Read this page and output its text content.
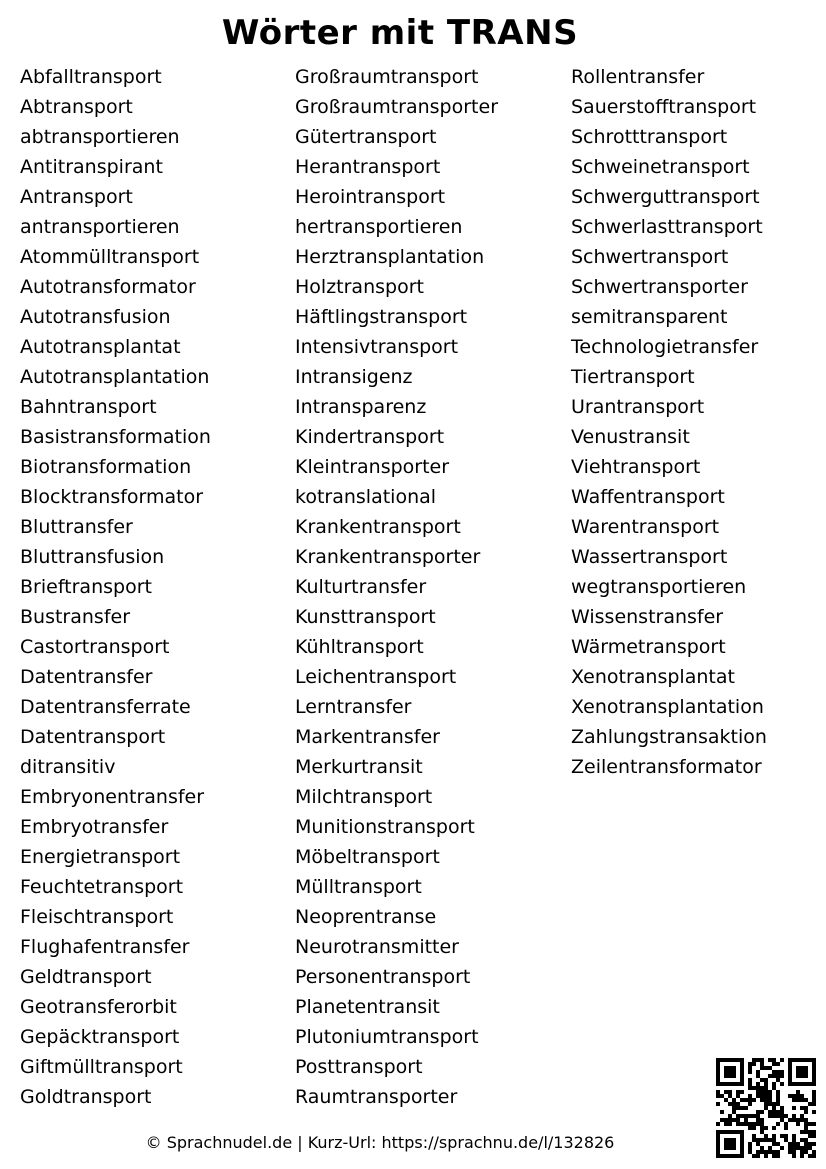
Wörter mit TRANS
Abfalltransport
Abtransport
abtransportieren
Antitranspirant
Antransport
antransportieren
Atommülltransport
Autotransformator
Autotransfusion
Autotransplantat
Autotransplantation
Bahntransport
Basistransformation
Biotransformation
Blocktransformator
Bluttransfer
Bluttransfusion
Brieftransport
Bustransfer
Castortransport
Datentransfer
Datentransferrate
Datentransport
ditransitiv
Embryonentransfer
Embryotransfer
Energietransport
Feuchtetransport
Fleischtransport
Flughafentransfer
Geldtransport
Geotransferorbit
Gepäcktransport
Giftmülltransport
Goldtransport
Großraumtransport
Großraumtransporter
Gütertransport
Herantransport
Herointransport
hertransportieren
Herztransplantation
Holztransport
Häftlingstransport
Intensivtransport
Intransigenz
Intransparenz
Kindertransport
Kleintransporter
kotranslational
Krankentransport
Krankentransporter
Kulturtransfer
Kunsttransport
Kühltransport
Leichentransport
Lerntransfer
Markentransfer
Merkurtransit
Milchtransport
Munitionstransport
Möbeltransport
Mülltransport
Neoprentranse
Neurotransmitter
Personentransport
Planetentransit
Plutoniumtransport
Posttransport
Raumtransporter
Rollentransfer
Sauerstofftransport
Schrotttransport
Schweinetransport
Schwerguttransport
Schwerlasttransport
Schwertransport
Schwertransporter
semitransparent
Technologietransfer
Tiertransport
Urantransport
Venustransit
Viehtransport
Waffentransport
Warentransport
Wassertransport
wegtransportieren
Wissenstransfer
Wärmetransport
Xenotransplantat
Xenotransplantation
Zahlungstransaktion
Zeilentransformator
© Sprachnudel.de | Kurz-Url: https://sprachnu.de/l/132826
